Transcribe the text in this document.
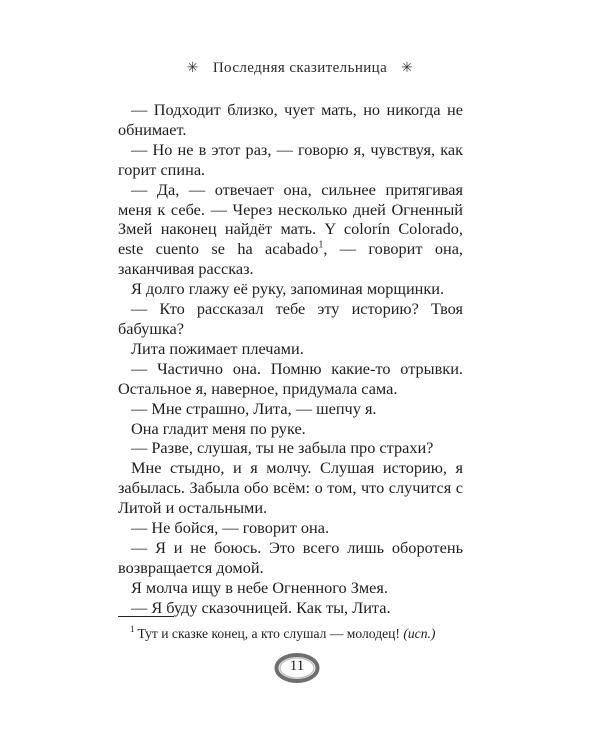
✳ Последняя сказительница ✳

— Подходит близко, чует мать, но никогда не обнимает.

— Но не в этот раз, — говорю я, чувствуя, как горит спина.

— Да, — отвечает она, сильнее притягивая меня к себе. — Через несколько дней Огненный Змей наконец найдёт мать. Y colorín Colorado, este cuento se ha acabado$^1$, — говорит она, заканчивая рассказ.

Я долго глажу её руку, запоминая морщинки.

— Кто рассказал тебе эту историю? Твоя бабушка?

Лита пожимает плечами.

— Частично она. Помню какие-то отрывки. Остальное я, наверное, придумала сама.

— Мне страшно, Лита, — шепчу я.

Она гладит меня по руке.

— Разве, слушая, ты не забыла про страхи?

Мне стыдно, и я молчу. Слушая историю, я забылась. Забыла обо всём: о том, что случится с Литой и остальными.

— Не бойся, — говорит она.

— Я и не боюсь. Это всего лишь оборотень возвращается домой.

Я молча ищу в небе Огненного Змея.

— Я буду сказочницей. Как ты, Лита.

$^1$ Тут и сказке конец, а кто слушал — молодец! (исп.)
11
